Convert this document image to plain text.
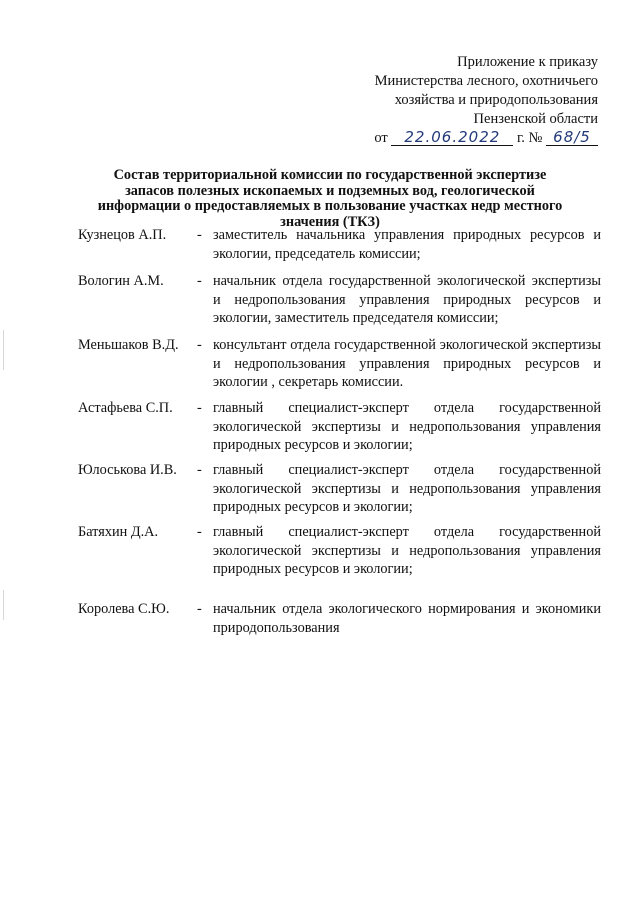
Приложение к приказу
Министерства лесного, охотничьего
хозяйства и природопользования
Пензенской области
от 22.06.2022 г. № 68/5
Состав территориальной комиссии по государственной экспертизе
запасов полезных ископаемых и подземных вод, геологической
информации о предоставляемых в пользование участках недр местного
значения (ТКЗ)
Кузнецов А.П. - заместитель начальника управления природных ресурсов и экологии, председатель комиссии;
Вологин А.М. - начальник отдела государственной экологической экспертизы и недропользования управления природных ресурсов и экологии, заместитель председателя комиссии;
Меньшаков В.Д. - консультант отдела государственной экологической экспертизы и недропользования управления природных ресурсов и экологии , секретарь комиссии.
Астафьева С.П. - главный специалист-эксперт отдела государственной экологической экспертизы и недропользования управления природных ресурсов и экологии;
Юлоськова И.В. - главный специалист-эксперт отдела государственной экологической экспертизы и недропользования управления природных ресурсов и экологии;
Батяхин Д.А.	- главный специалист-эксперт отдела государственной экологической экспертизы и недропользования управления природных ресурсов и экологии;
Королева С.Ю. - начальник отдела экологического нормирования и экономики природопользования
